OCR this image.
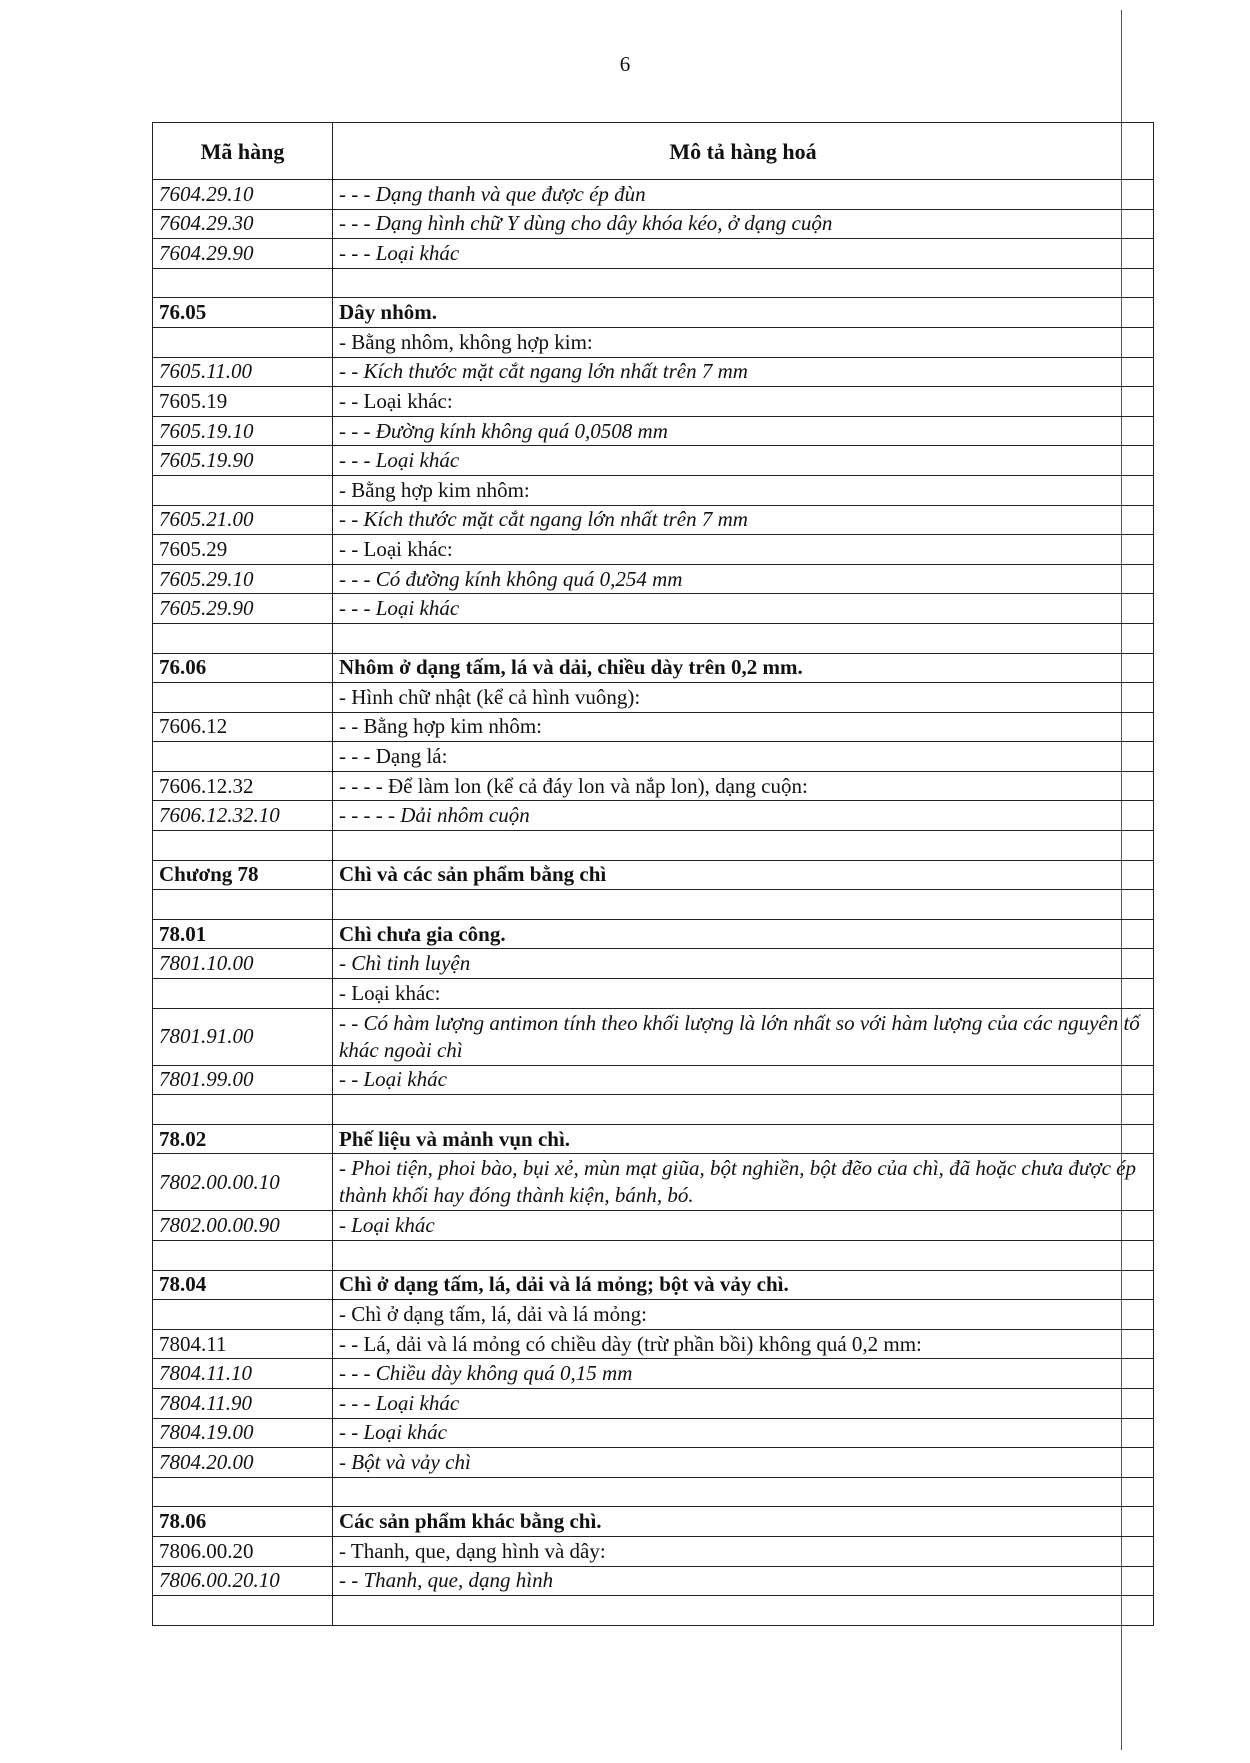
6
Mã hàng	Mô tả hàng hoá
7604.29.10	- - - Dạng thanh và que được ép đùn
7604.29.30	- - - Dạng hình chữ Y dùng cho dây khóa kéo, ở dạng cuộn
7604.29.90	- - - Loại khác

76.05	Dây nhôm.
	- Bằng nhôm, không hợp kim:
7605.11.00	- - Kích thước mặt cắt ngang lớn nhất trên 7 mm
7605.19	- - Loại khác:
7605.19.10	- - - Đường kính không quá 0,0508 mm
7605.19.90	- - - Loại khác
	- Bằng hợp kim nhôm:
7605.21.00	- - Kích thước mặt cắt ngang lớn nhất trên 7 mm
7605.29	- - Loại khác:
7605.29.10	- - - Có đường kính không quá 0,254 mm
7605.29.90	- - - Loại khác

76.06	Nhôm ở dạng tấm, lá và dải, chiều dày trên 0,2 mm.
	- Hình chữ nhật (kể cả hình vuông):
7606.12	- - Bằng hợp kim nhôm:
	- - - Dạng lá:
7606.12.32	- - - - Để làm lon (kể cả đáy lon và nắp lon), dạng cuộn:
7606.12.32.10	- - - - - Dải nhôm cuộn

Chương 78	Chì và các sản phẩm bằng chì

78.01	Chì chưa gia công.
7801.10.00	- Chì tinh luyện
	- Loại khác:
7801.91.00	- - Có hàm lượng antimon tính theo khối lượng là lớn nhất so với hàm lượng của các nguyên tố khác ngoài chì
7801.99.00	- - Loại khác

78.02	Phế liệu và mảnh vụn chì.
7802.00.00.10	- Phoi tiện, phoi bào, bụi xẻ, mùn mạt giũa, bột nghiền, bột đẽo của chì, đã hoặc chưa được ép thành khối hay đóng thành kiện, bánh, bó.
7802.00.00.90	- Loại khác

78.04	Chì ở dạng tấm, lá, dải và lá mỏng; bột và vảy chì.
	- Chì ở dạng tấm, lá, dải và lá mỏng:
7804.11	- - Lá, dải và lá mỏng có chiều dày (trừ phần bồi) không quá 0,2 mm:
7804.11.10	- - - Chiều dày không quá 0,15 mm
7804.11.90	- - - Loại khác
7804.19.00	- - Loại khác
7804.20.00	- Bột và vảy chì

78.06	Các sản phẩm khác bằng chì.
7806.00.20	- Thanh, que, dạng hình và dây:
7806.00.20.10	- - Thanh, que, dạng hình
